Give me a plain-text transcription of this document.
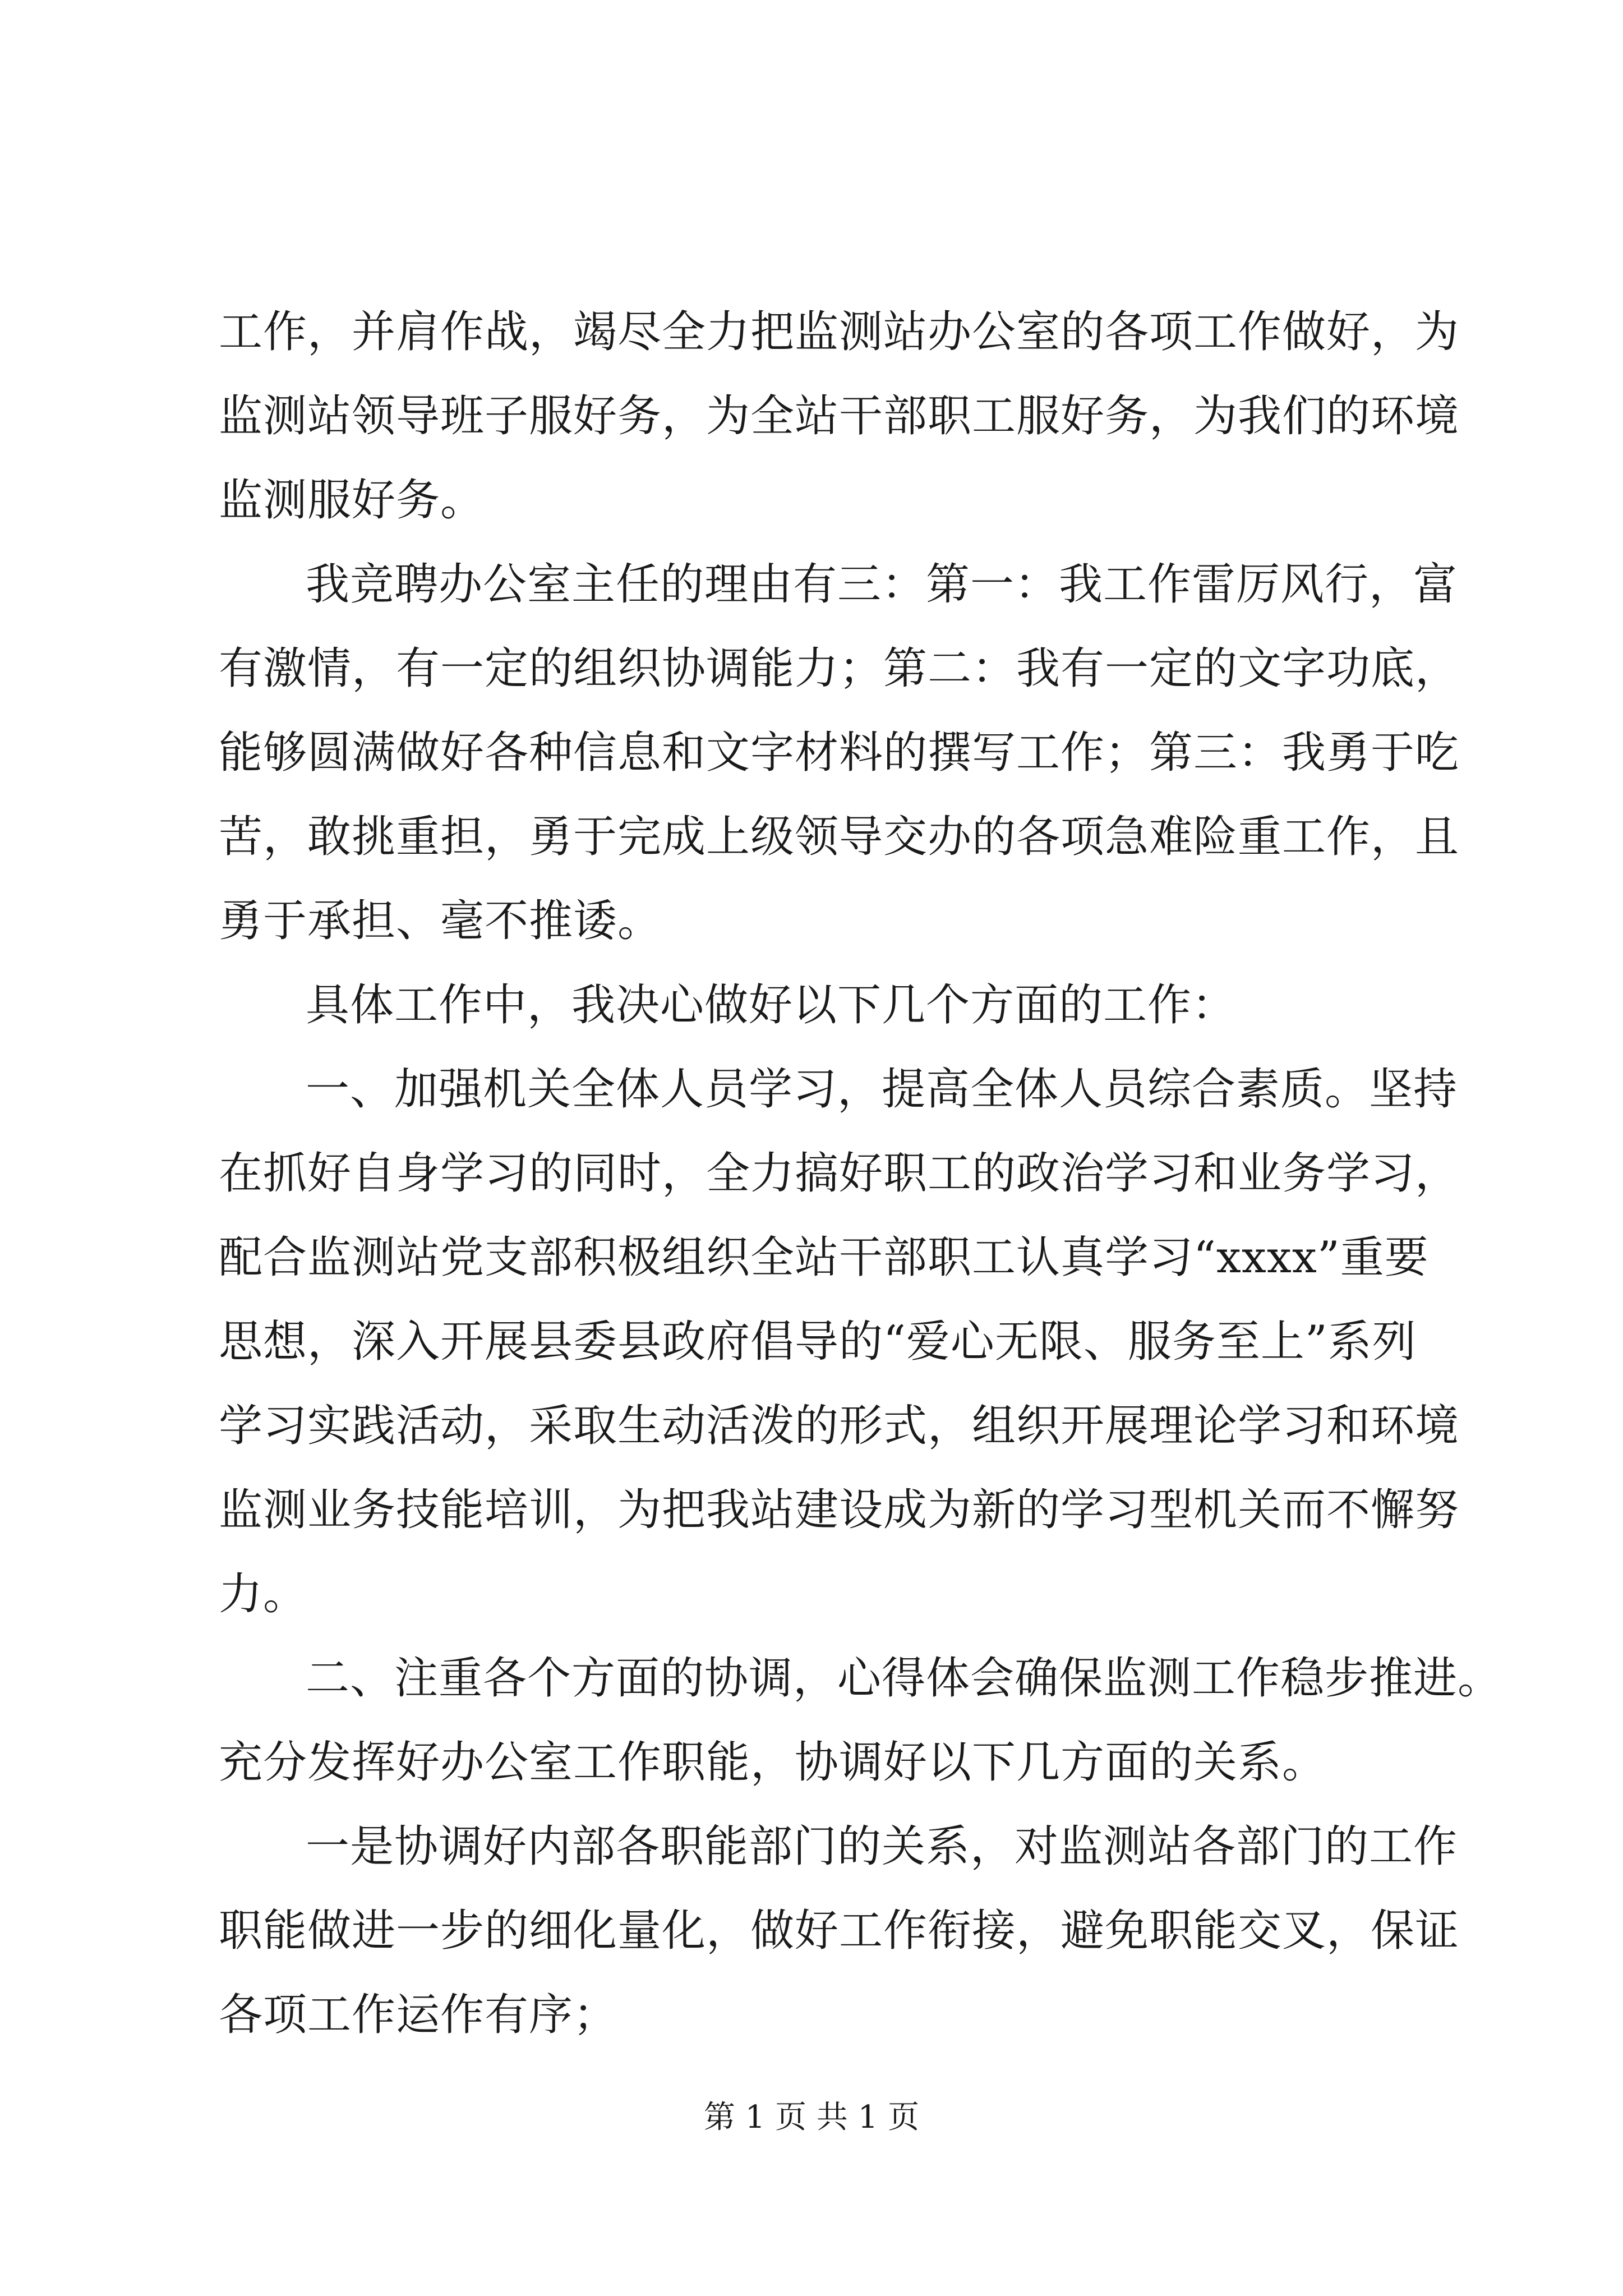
工作，并肩作战，竭尽全力把监测站办公室的各项工作做好，为
监测站领导班子服好务，为全站干部职工服好务，为我们的环境
监测服好务。
我竞聘办公室主任的理由有三：第一：我工作雷厉风行，富
有激情，有一定的组织协调能力；第二：我有一定的文字功底，
能够圆满做好各种信息和文字材料的撰写工作；第三：我勇于吃
苦，敢挑重担，勇于完成上级领导交办的各项急难险重工作，且
勇于承担、毫不推诿。
具体工作中，我决心做好以下几个方面的工作：
一、加强机关全体人员学习，提高全体人员综合素质。坚持
在抓好自身学习的同时，全力搞好职工的政治学习和业务学习，
配合监测站党支部积极组织全站干部职工认真学习“xxxx”重要
思想，深入开展县委县政府倡导的“爱心无限、服务至上”系列
学习实践活动，采取生动活泼的形式，组织开展理论学习和环境
监测业务技能培训，为把我站建设成为新的学习型机关而不懈努
力。
二、注重各个方面的协调，心得体会确保监测工作稳步推进。
充分发挥好办公室工作职能，协调好以下几方面的关系。
一是协调好内部各职能部门的关系，对监测站各部门的工作
职能做进一步的细化量化，做好工作衔接，避免职能交叉，保证
各项工作运作有序；
第 1 页 共 1 页
